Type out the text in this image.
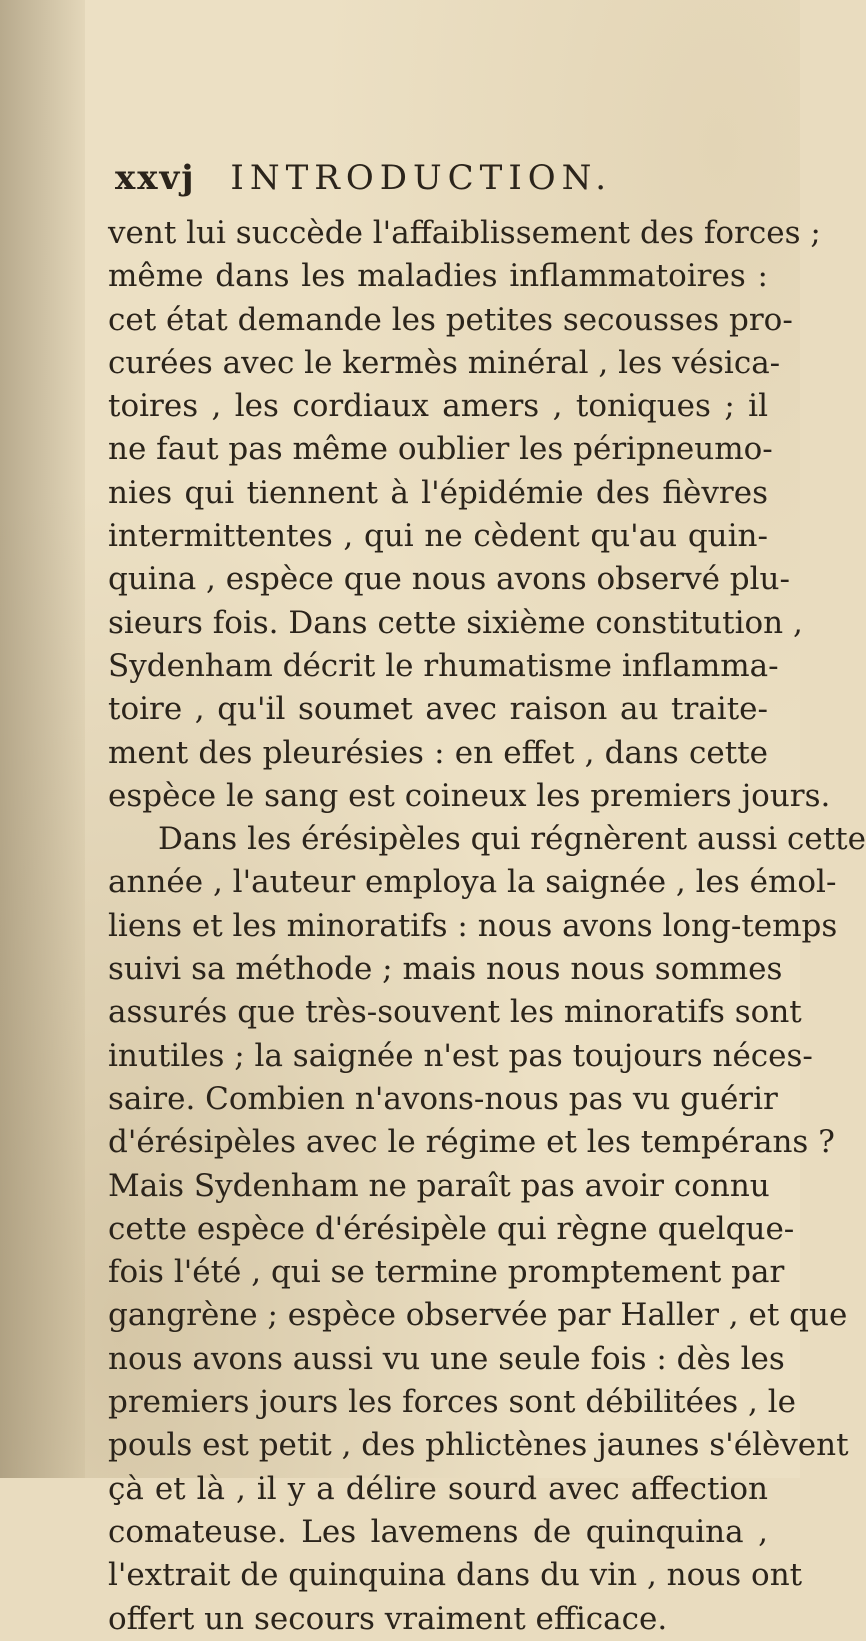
xxvj INTRODUCTION.
vent lui succède l'affaiblissement des forces ;
même dans les maladies inflammatoires :
cet état demande les petites secousses pro-
curées avec le kermès minéral , les vésica-
toires , les cordiaux amers , toniques ; il
ne faut pas même oublier les péripneumo-
nies qui tiennent à l'épidémie des fièvres
intermittentes , qui ne cèdent qu'au quin-
quina , espèce que nous avons observé plu-
sieurs fois. Dans cette sixième constitution ,
Sydenham décrit le rhumatisme inflamma-
toire , qu'il soumet avec raison au traite-
ment des pleurésies : en effet , dans cette
espèce le sang est coineux les premiers jours.
Dans les érésipèles qui régnèrent aussi cette
année , l'auteur employa la saignée , les émol-
liens et les minoratifs : nous avons long-temps
suivi sa méthode ; mais nous nous sommes
assurés que très-souvent les minoratifs sont
inutiles ; la saignée n'est pas toujours néces-
saire. Combien n'avons-nous pas vu guérir
d'érésipèles avec le régime et les tempérans ?
Mais Sydenham ne paraît pas avoir connu
cette espèce d'érésipèle qui règne quelque-
fois l'été , qui se termine promptement par
gangrène ; espèce observée par Haller , et que
nous avons aussi vu une seule fois : dès les
premiers jours les forces sont débilitées , le
pouls est petit , des phlictènes jaunes s'élèvent
çà et là , il y a délire sourd avec affection
comateuse. Les lavemens de quinquina ,
l'extrait de quinquina dans du vin , nous ont
offert un secours vraiment efficace.
